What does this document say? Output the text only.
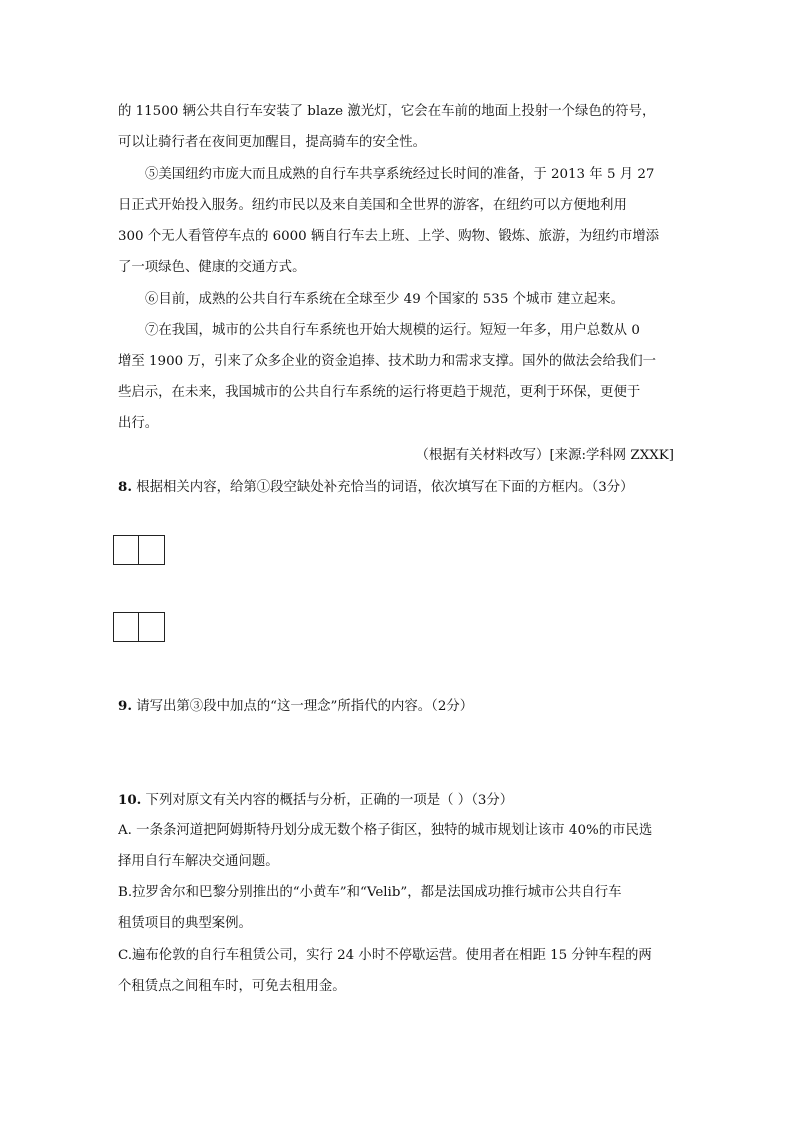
的 11500 辆公共自行车安装了 blaze 激光灯，它会在车前的地面上投射一个绿色的符号，
可以让骑行者在夜间更加醒目，提高骑车的安全性。
⑤美国纽约市庞大而且成熟的自行车共享系统经过长时间的准备，于 2013 年 5 月 27
日正式开始投入服务。纽约市民以及来自美国和全世界的游客，在纽约可以方便地利用
300 个无人看管停车点的 6000 辆自行车去上班、上学、购物、锻炼、旅游，为纽约市增添
了一项绿色、健康的交通方式。
⑥目前，成熟的公共自行车系统在全球至少 49 个国家的 535 个城市 建立起来。
⑦在我国，城市的公共自行车系统也开始大规模的运行。短短一年多，用户总数从 0
增至 1900 万，引来了众多企业的资金追捧、技术助力和需求支撑。国外的做法会给我们一
些启示，在未来，我国城市的公共自行车系统的运行将更趋于规范，更利于环保，更便于
出行。
（根据有关材料改写）[来源:学科网 ZXXK]
8. 根据相关内容，给第①段空缺处补充恰当的词语，依次填写在下面的方框内。（3分）
9. 请写出第③段中加点的“这一理念”所指代的内容。（2分）
10. 下列对原文有关内容的概括与分析，正确的一项是（ ）（3分）
A. 一条条河道把阿姆斯特丹划分成无数个格子街区，独特的城市规划让该市 40%的市民选
择用自行车解决交通问题。
B.拉罗舍尔和巴黎分别推出的“小黄车”和“Velib”，都是法国成功推行城市公共自行车
租赁项目的典型案例。
C.遍布伦敦的自行车租赁公司，实行 24 小时不停歇运营。使用者在相距 15 分钟车程的两
个租赁点之间租车时，可免去租用金。
